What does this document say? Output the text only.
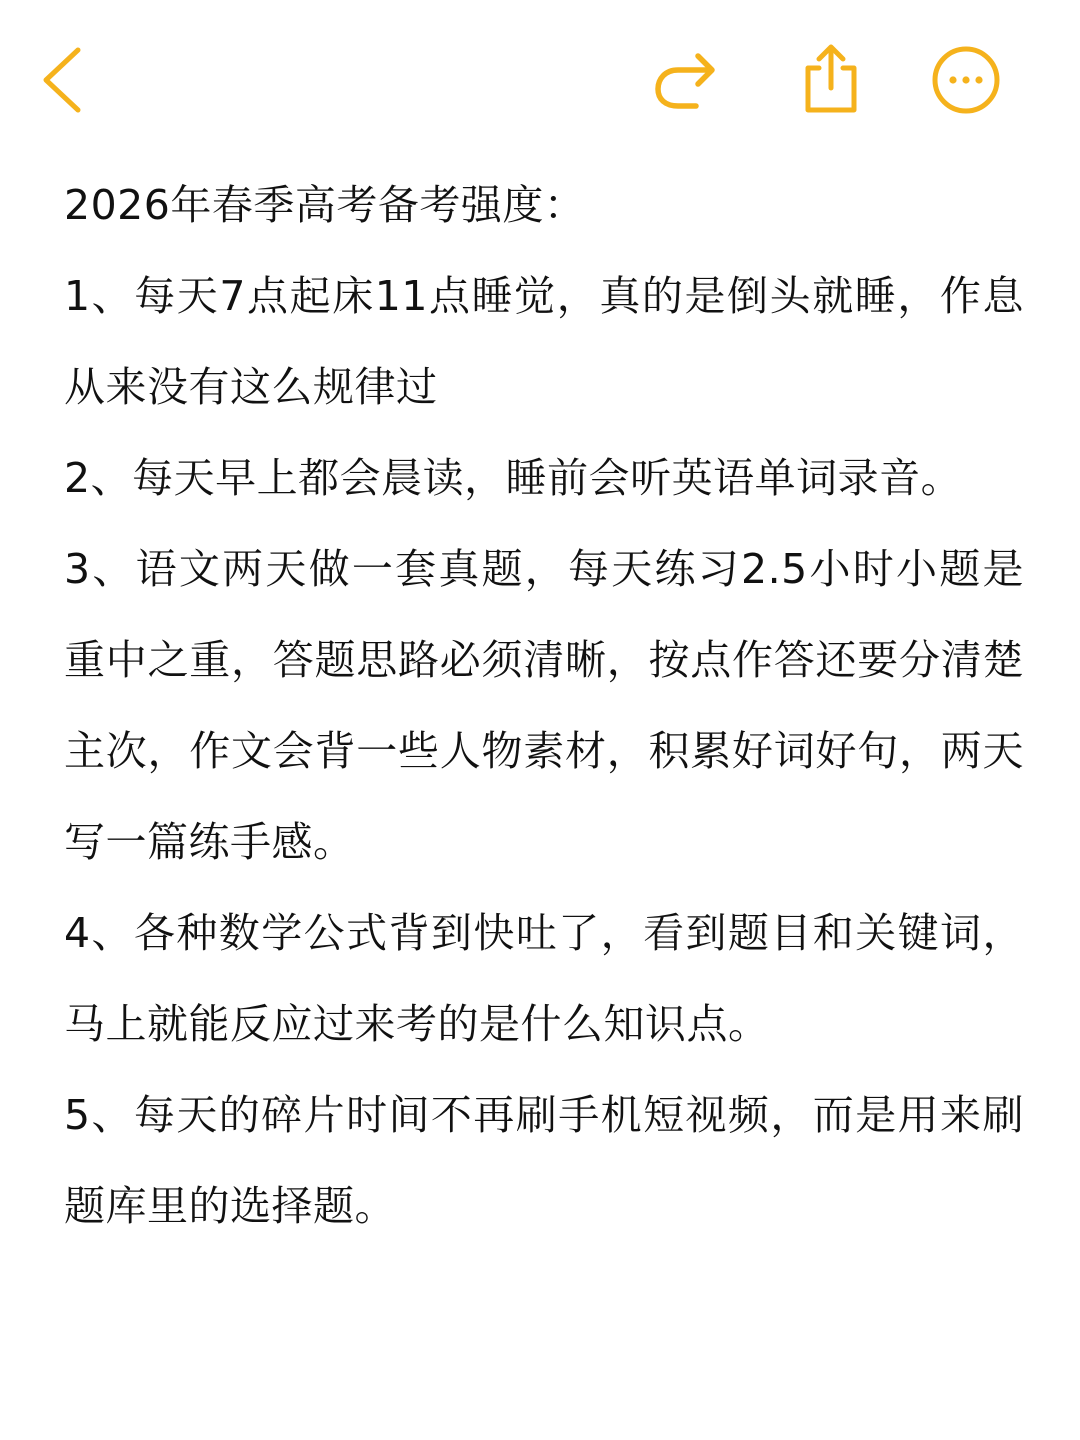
2026年春季高考备考强度：

1、每天7点起床11点睡觉，真的是倒头就睡，作息从来没有这么规律过

2、每天早上都会晨读，睡前会听英语单词录音。

3、语文两天做一套真题，每天练习2.5小时小题是重中之重，答题思路必须清晰，按点作答还要分清楚主次，作文会背一些人物素材，积累好词好句，两天写一篇练手感。

4、各种数学公式背到快吐了，看到题目和关键词，马上就能反应过来考的是什么知识点。

5、每天的碎片时间不再刷手机短视频，而是用来刷题库里的选择题。
